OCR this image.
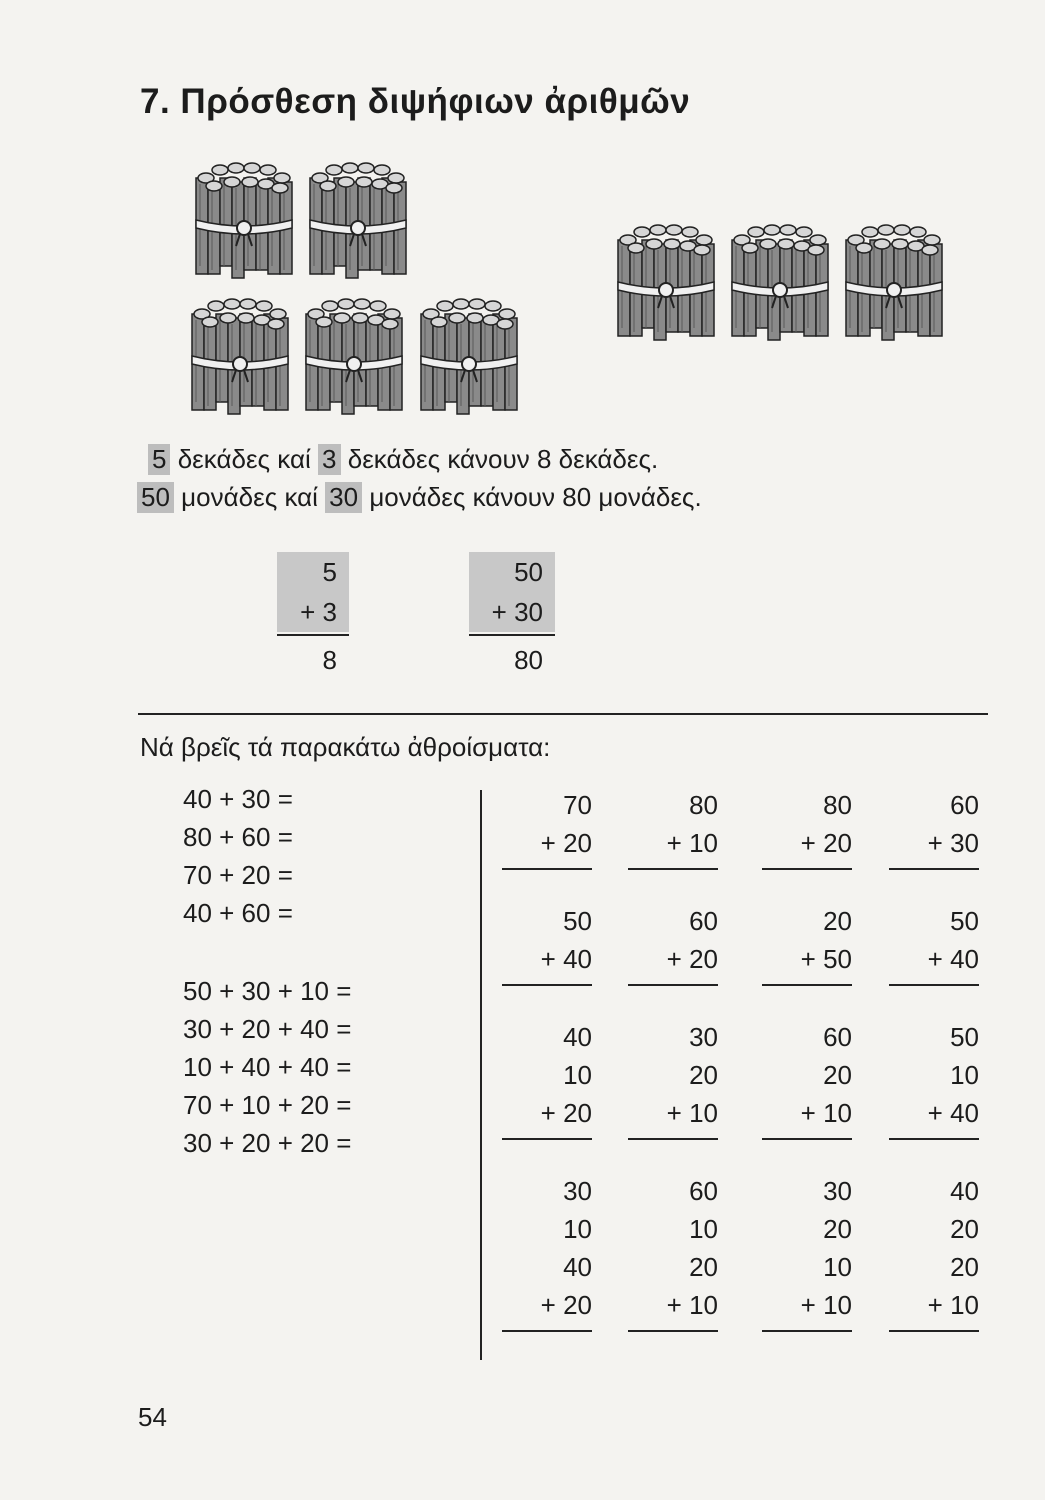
7. Πρόσθεση διψήφιων ἀριθμῶν
5 δεκάδες καί 3 δεκάδες κάνουν 8 δεκάδες.
50 μονάδες καί 30 μονάδες κάνουν 80 μονάδες.
5
+ 3
8
50
+ 30
80
Νά βρεῖς τά παρακάτω ἀθροίσματα:
40 + 30 =
80 + 60 =
70 + 20 =
40 + 60 =
50 + 30 + 10 =
30 + 20 + 40 =
10 + 40 + 40 =
70 + 10 + 20 =
30 + 20 + 20 =
70
+ 20
80
+ 10
80
+ 20
60
+ 30
50
+ 40
60
+ 20
20
+ 50
50
+ 40
40
10
+ 20
30
20
+ 10
60
20
+ 10
50
10
+ 40
30
10
40
+ 20
60
10
20
+ 10
30
20
10
+ 10
40
20
20
+ 10
54
